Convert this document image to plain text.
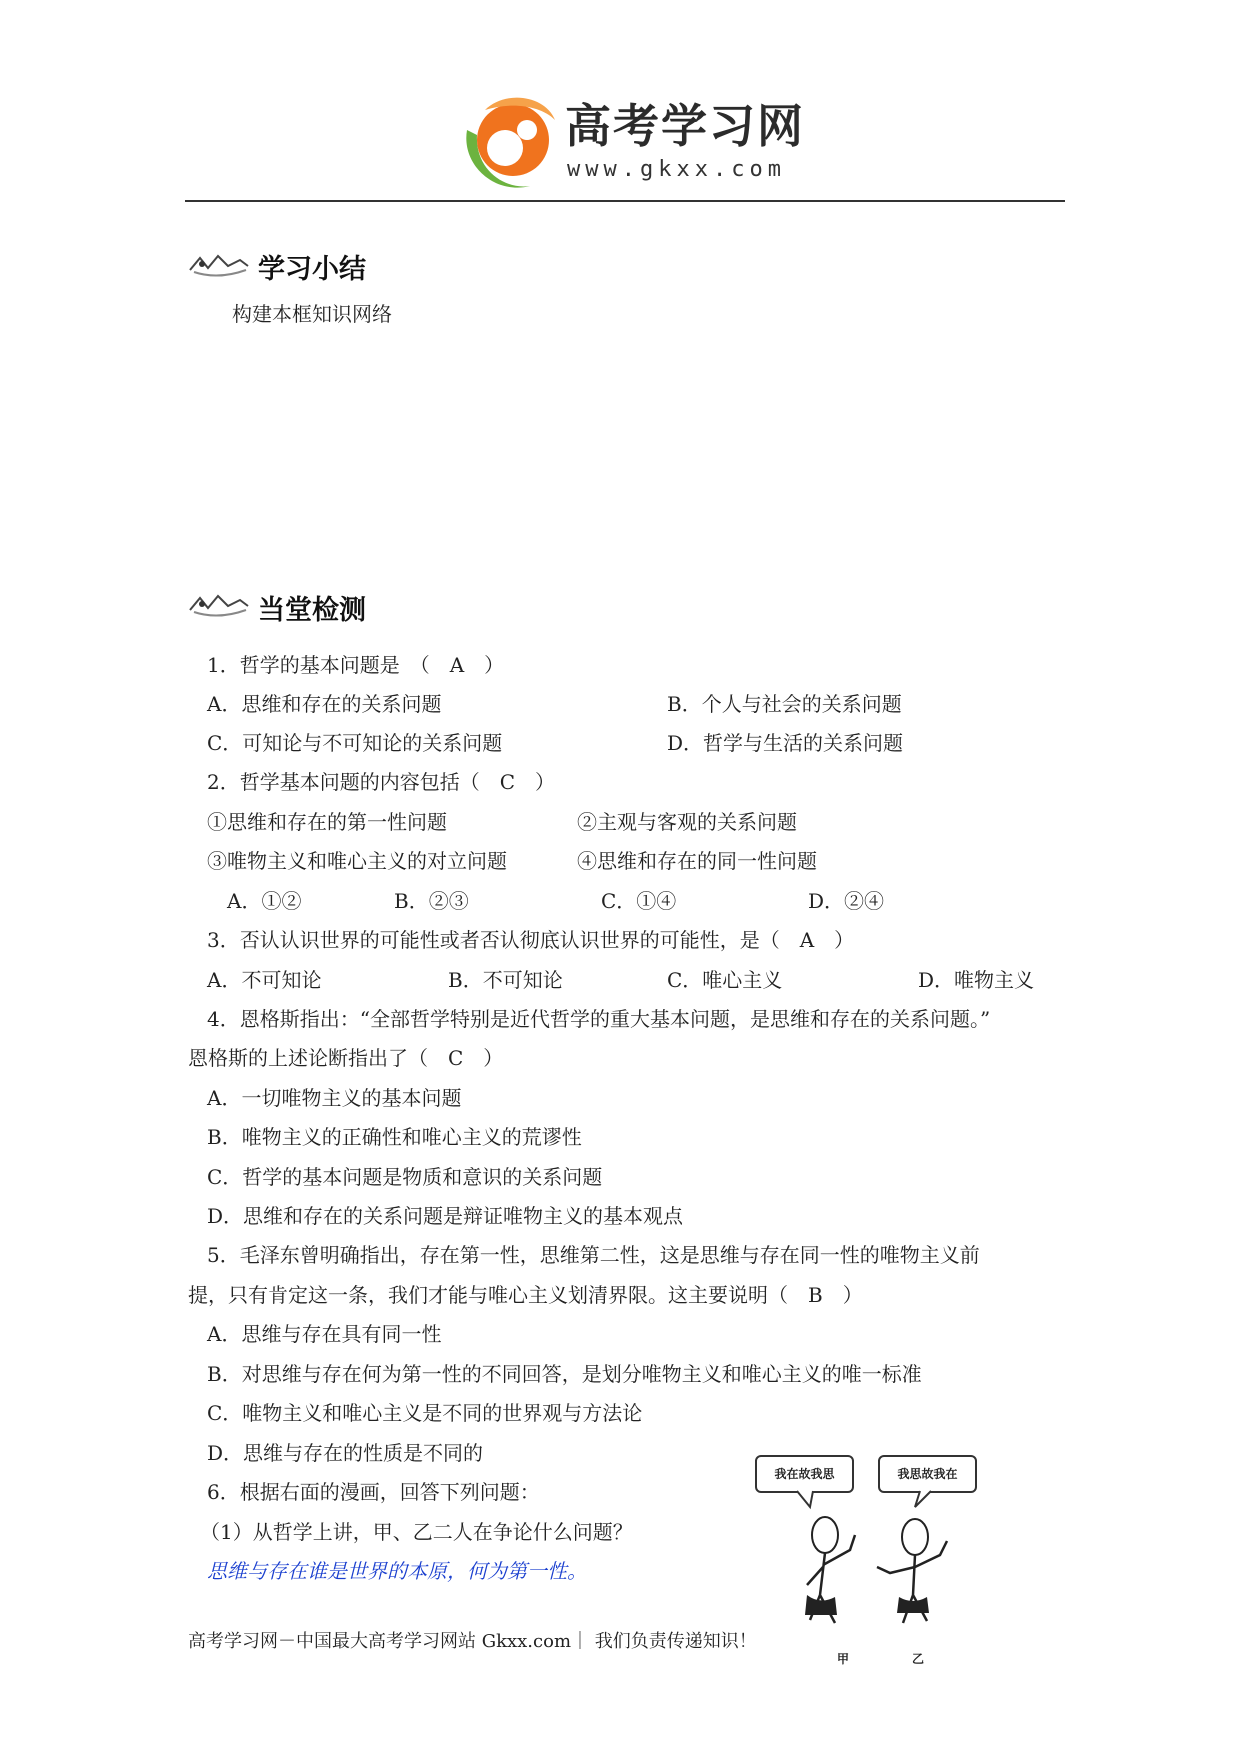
高考学习网
www.gkxx.com
学习小结
构建本框知识网络
当堂检测
1．哲学的基本问题是　（　A　）
A．思维和存在的关系问题	B．个人与社会的关系问题
C．可知论与不可知论的关系问题	D．哲学与生活的关系问题
2．哲学基本问题的内容包括（　C　）
①思维和存在的第一性问题	②主观与客观的关系问题
③唯物主义和唯心主义的对立问题	④思维和存在的同一性问题
A．①②	B．②③	C．①④	D．②④
3．否认认识世界的可能性或者否认彻底认识世界的可能性，是（　A　）
A．不可知论	B．不可知论	C．唯心主义	D．唯物主义
4．恩格斯指出：“全部哲学特别是近代哲学的重大基本问题，是思维和存在的关系问题。”
恩格斯的上述论断指出了（　C　）
A．一切唯物主义的基本问题
B．唯物主义的正确性和唯心主义的荒谬性
C．哲学的基本问题是物质和意识的关系问题
D．思维和存在的关系问题是辩证唯物主义的基本观点
5．毛泽东曾明确指出，存在第一性，思维第二性，这是思维与存在同一性的唯物主义前
提，只有肯定这一条，我们才能与唯心主义划清界限。这主要说明（　B　）
A．思维与存在具有同一性
B．对思维与存在何为第一性的不同回答，是划分唯物主义和唯心主义的唯一标准
C．唯物主义和唯心主义是不同的世界观与方法论
D．思维与存在的性质是不同的
6．根据右面的漫画，回答下列问题：
（1）从哲学上讲，甲、乙二人在争论什么问题？
思维与存在谁是世界的本原，何为第一性。
我在故我思	我思故我在
甲	乙
高考学习网－中国最大高考学习网站 Gkxx.com｜ 我们负责传递知识！
